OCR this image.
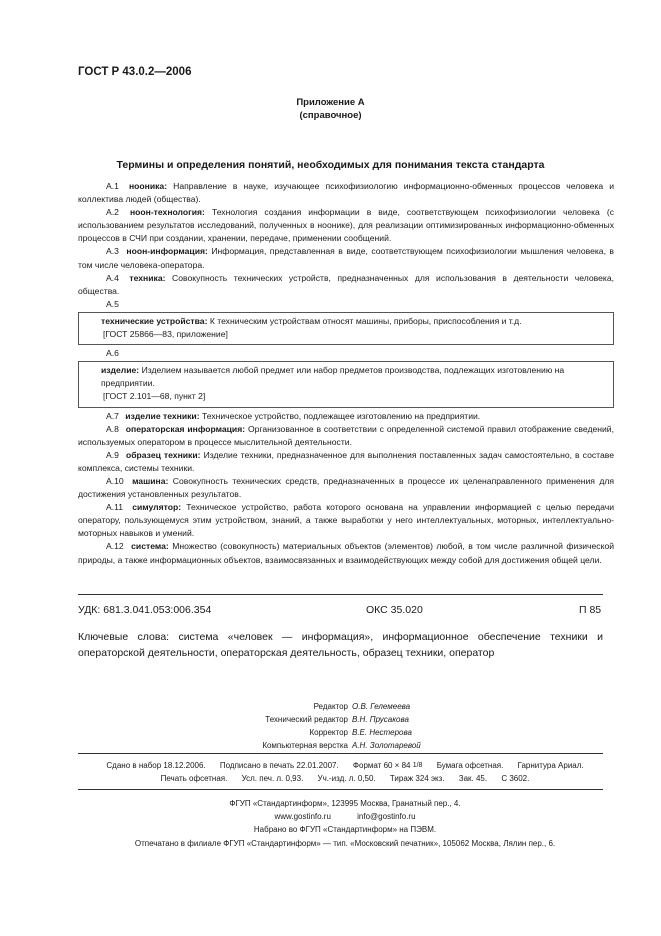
ГОСТ Р 43.0.2—2006
Приложение А
(справочное)
Термины и определения понятий, необходимых для понимания текста стандарта

А.1 нооника: Направление в науке, изучающее психофизиологию информационно-обменных процессов человека и коллектива людей (общества).

А.2 ноон-технология: Технология создания информации в виде, соответствующем психофизиологии человека (с использованием результатов исследований, полученных в ноонике), для реализации оптимизированных информационно-обменных процессов в СЧИ при создании, хранении, передаче, применении сообщений.

А.3 ноон-информация: Информация, представленная в виде, соответствующем психофизиологии мышления человека, в том числе человека-оператора.

А.4 техника: Совокупность технических устройств, предназначенных для использования в деятельности человека, общества.

А.5

технические устройства: К техническим устройствам относят машины, приборы, приспособления и т.д.

[ГОСТ 25866—83, приложение]

А.6

изделие: Изделием называется любой предмет или набор предметов производства, подлежащих изготовлению на предприятии.

[ГОСТ 2.101—68, пункт 2]

А.7 изделие техники: Техническое устройство, подлежащее изготовлению на предприятии.

А.8 операторская информация: Организованное в соответствии с определенной системой правил отображение сведений, используемых оператором в процессе мыслительной деятельности.

А.9 образец техники: Изделие техники, предназначенное для выполнения поставленных задач самостоятельно, в составе комплекса, системы техники.

А.10 машина: Совокупность технических средств, предназначенных в процессе их целенаправленного применения для достижения установленных результатов.

А.11 симулятор: Техническое устройство, работа которого основана на управлении информацией с целью передачи оператору, пользующемуся этим устройством, знаний, а также выработки у него интеллектуальных, моторных, интеллектуально-моторных навыков и умений.

А.12 система: Множество (совокупность) материальных объектов (элементов) любой, в том числе различной физической природы, а также информационных объектов, взаимосвязанных и взаимодействующих между собой для достижения общей цели.

УДК: 681.3.041.053:006.354	ОКС 35.020	П 85
Ключевые слова: система «человек — информация», информационное обеспечение техники и операторской деятельности, операторская деятельность, образец техники, оператор
Редактор О.В. Гелемеева
Технический редактор В.Н. Прусакова
Корректор В.Е. Нестерова
Компьютерная верстка А.Н. Золотаревой
Сдано в набор 18.12.2006. Подписано в печать 22.01.2007. Формат 60 × 84 1/8 Бумага офсетная. Гарнитура Ариал.
Печать офсетная. Усл. печ. л. 0,93. Уч.-изд. л. 0,50. Тираж 324 экз. Зак. 45. С 3602.
ФГУП «Стандартинформ», 123995 Москва, Гранатный пер., 4.
www.gostinfo.ru	info@gostinfo.ru
Набрано во ФГУП «Стандартинформ» на ПЭВМ.
Отпечатано в филиале ФГУП «Стандартинформ» — тип. «Московский печатник», 105062 Москва, Лялин пер., 6.
